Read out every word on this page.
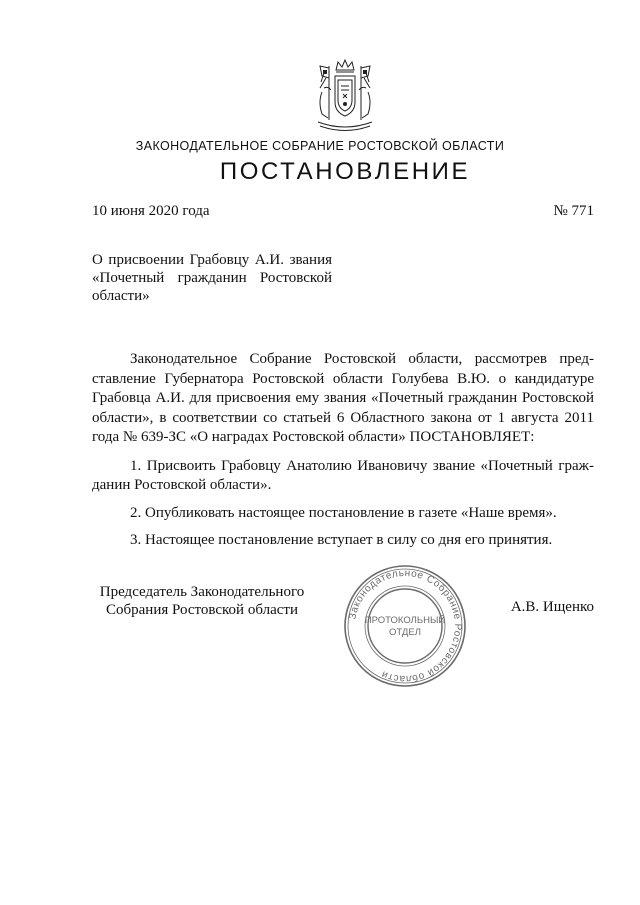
ЗАКОНОДАТЕЛЬНОЕ СОБРАНИЕ РОСТОВСКОЙ ОБЛАСТИ
ПОСТАНОВЛЕНИЕ
10 июня 2020 года	№ 771
О присвоении Грабовцу А.И. звания
«Почетный гражданин Ростовской
области»

Законодательное Собрание Ростовской области, рассмотрев представление Губернатора Ростовской области Голубева В.Ю. о кандидатуре Грабовца А.И. для присвоения ему звания «Почетный гражданин Ростовской области», в соответствии со статьей 6 Областного закона от 1 августа 2011 года № 639-ЗС «О наградах Ростовской области» ПОСТАНОВЛЯЕТ:

1. Присвоить Грабовцу Анатолию Ивановичу звание «Почетный гражданин Ростовской области».

2. Опубликовать настоящее постановление в газете «Наше время».

3. Настоящее постановление вступает в силу со дня его принятия.

Председатель Законодательного
Собрания Ростовской области	Законодательное Собрание Ростовской области
ПРОТОКОЛЬНЫЙ
ОТДЕЛ
А.В. Ищенко
